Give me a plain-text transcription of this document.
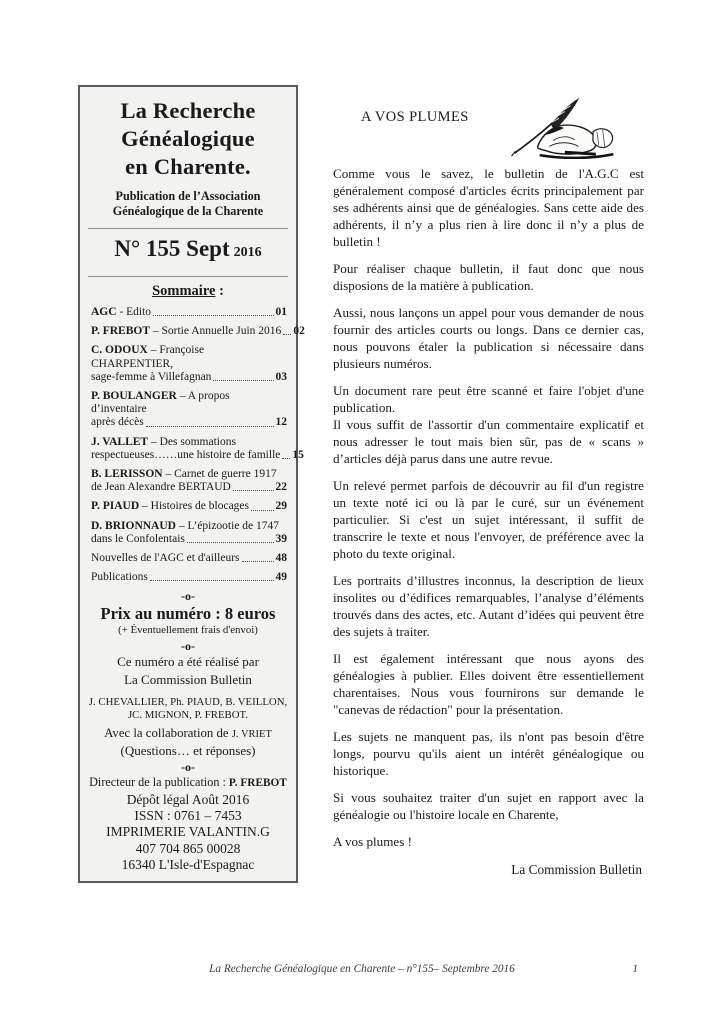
La Recherche
Généalogique
en Charente.
Publication de l’Association Généalogique de la Charente
N° 155 Sept 2016
Sommaire :
AGC - Edito	01
P. FREBOT – Sortie Annuelle Juin 2016 02
C. ODOUX – Françoise CHARPENTIER,
sage-femme à Villefagnan	03
P. BOULANGER – A propos d’inventaire
après décès	12
J. VALLET – Des sommations
respectueuses……une histoire de famille 15
B. LERISSON – Carnet de guerre 1917
de Jean Alexandre BERTAUD	22
P. PIAUD – Histoires de blocages 29
D. BRIONNAUD – L’épizootie de 1747
dans le Confolentais	39
Nouvelles de l'AGC et d'ailleurs	48
Publications	49
-o-
Prix au numéro : 8 euros
(+ Éventuellement frais d'envoi)
-o-
Ce numéro a été réalisé par
La Commission Bulletin
J. CHEVALLIER, Ph. PIAUD, B. VEILLON,
JC. MIGNON, P. FREBOT.
Avec la collaboration de J. VRIET
(Questions… et réponses)
-o-
Directeur de la publication : P. FREBOT
Dépôt légal Août 2016
ISSN : 0761 – 7453
IMPRIMERIE VALANTIN.G
407 704 865 00028
16340 L'Isle-d'Espagnac
A VOS PLUMES

Comme vous le savez, le bulletin de l'A.G.C est généralement composé d'articles écrits principalement par ses adhérents ainsi que de généalogies. Sans cette aide des adhérents, il n’y a plus rien à lire donc il n’y a plus de bulletin !

Pour réaliser chaque bulletin, il faut donc que nous disposions de la matière à publication.

Aussi, nous lançons un appel pour vous demander de nous fournir des articles courts ou longs. Dans ce dernier cas, nous pouvons étaler la publication si nécessaire dans plusieurs numéros.

Un document rare peut être scanné et faire l'objet d'une publication.
Il vous suffit de l'assortir d'un commentaire explicatif et nous adresser le tout mais bien sûr, pas de « scans » d’articles déjà parus dans une autre revue.

Un relevé permet parfois de découvrir au fil d'un registre un texte noté ici ou là par le curé, sur un événement particulier. Si c'est un sujet intéressant, il suffit de transcrire le texte et nous l'envoyer, de préférence avec la photo du texte original.

Les portraits d’illustres inconnus, la description de lieux insolites ou d’édifices remarquables, l’analyse d’éléments trouvés dans des actes, etc. Autant d’idées qui peuvent être des sujets à traiter.

Il est également intéressant que nous ayons des généalogies à publier. Elles doivent être essentiellement charentaises. Nous vous fournirons sur demande le "canevas de rédaction" pour la présentation.

Les sujets ne manquent pas, ils n'ont pas besoin d'être longs, pourvu qu'ils aient un intérêt généalogique ou historique.

Si vous souhaitez traiter d'un sujet en rapport avec la généalogie ou l'histoire locale en Charente,

A vos plumes !

La Commission Bulletin
La Recherche Généalogique en Charente – n°155– Septembre 2016	1
